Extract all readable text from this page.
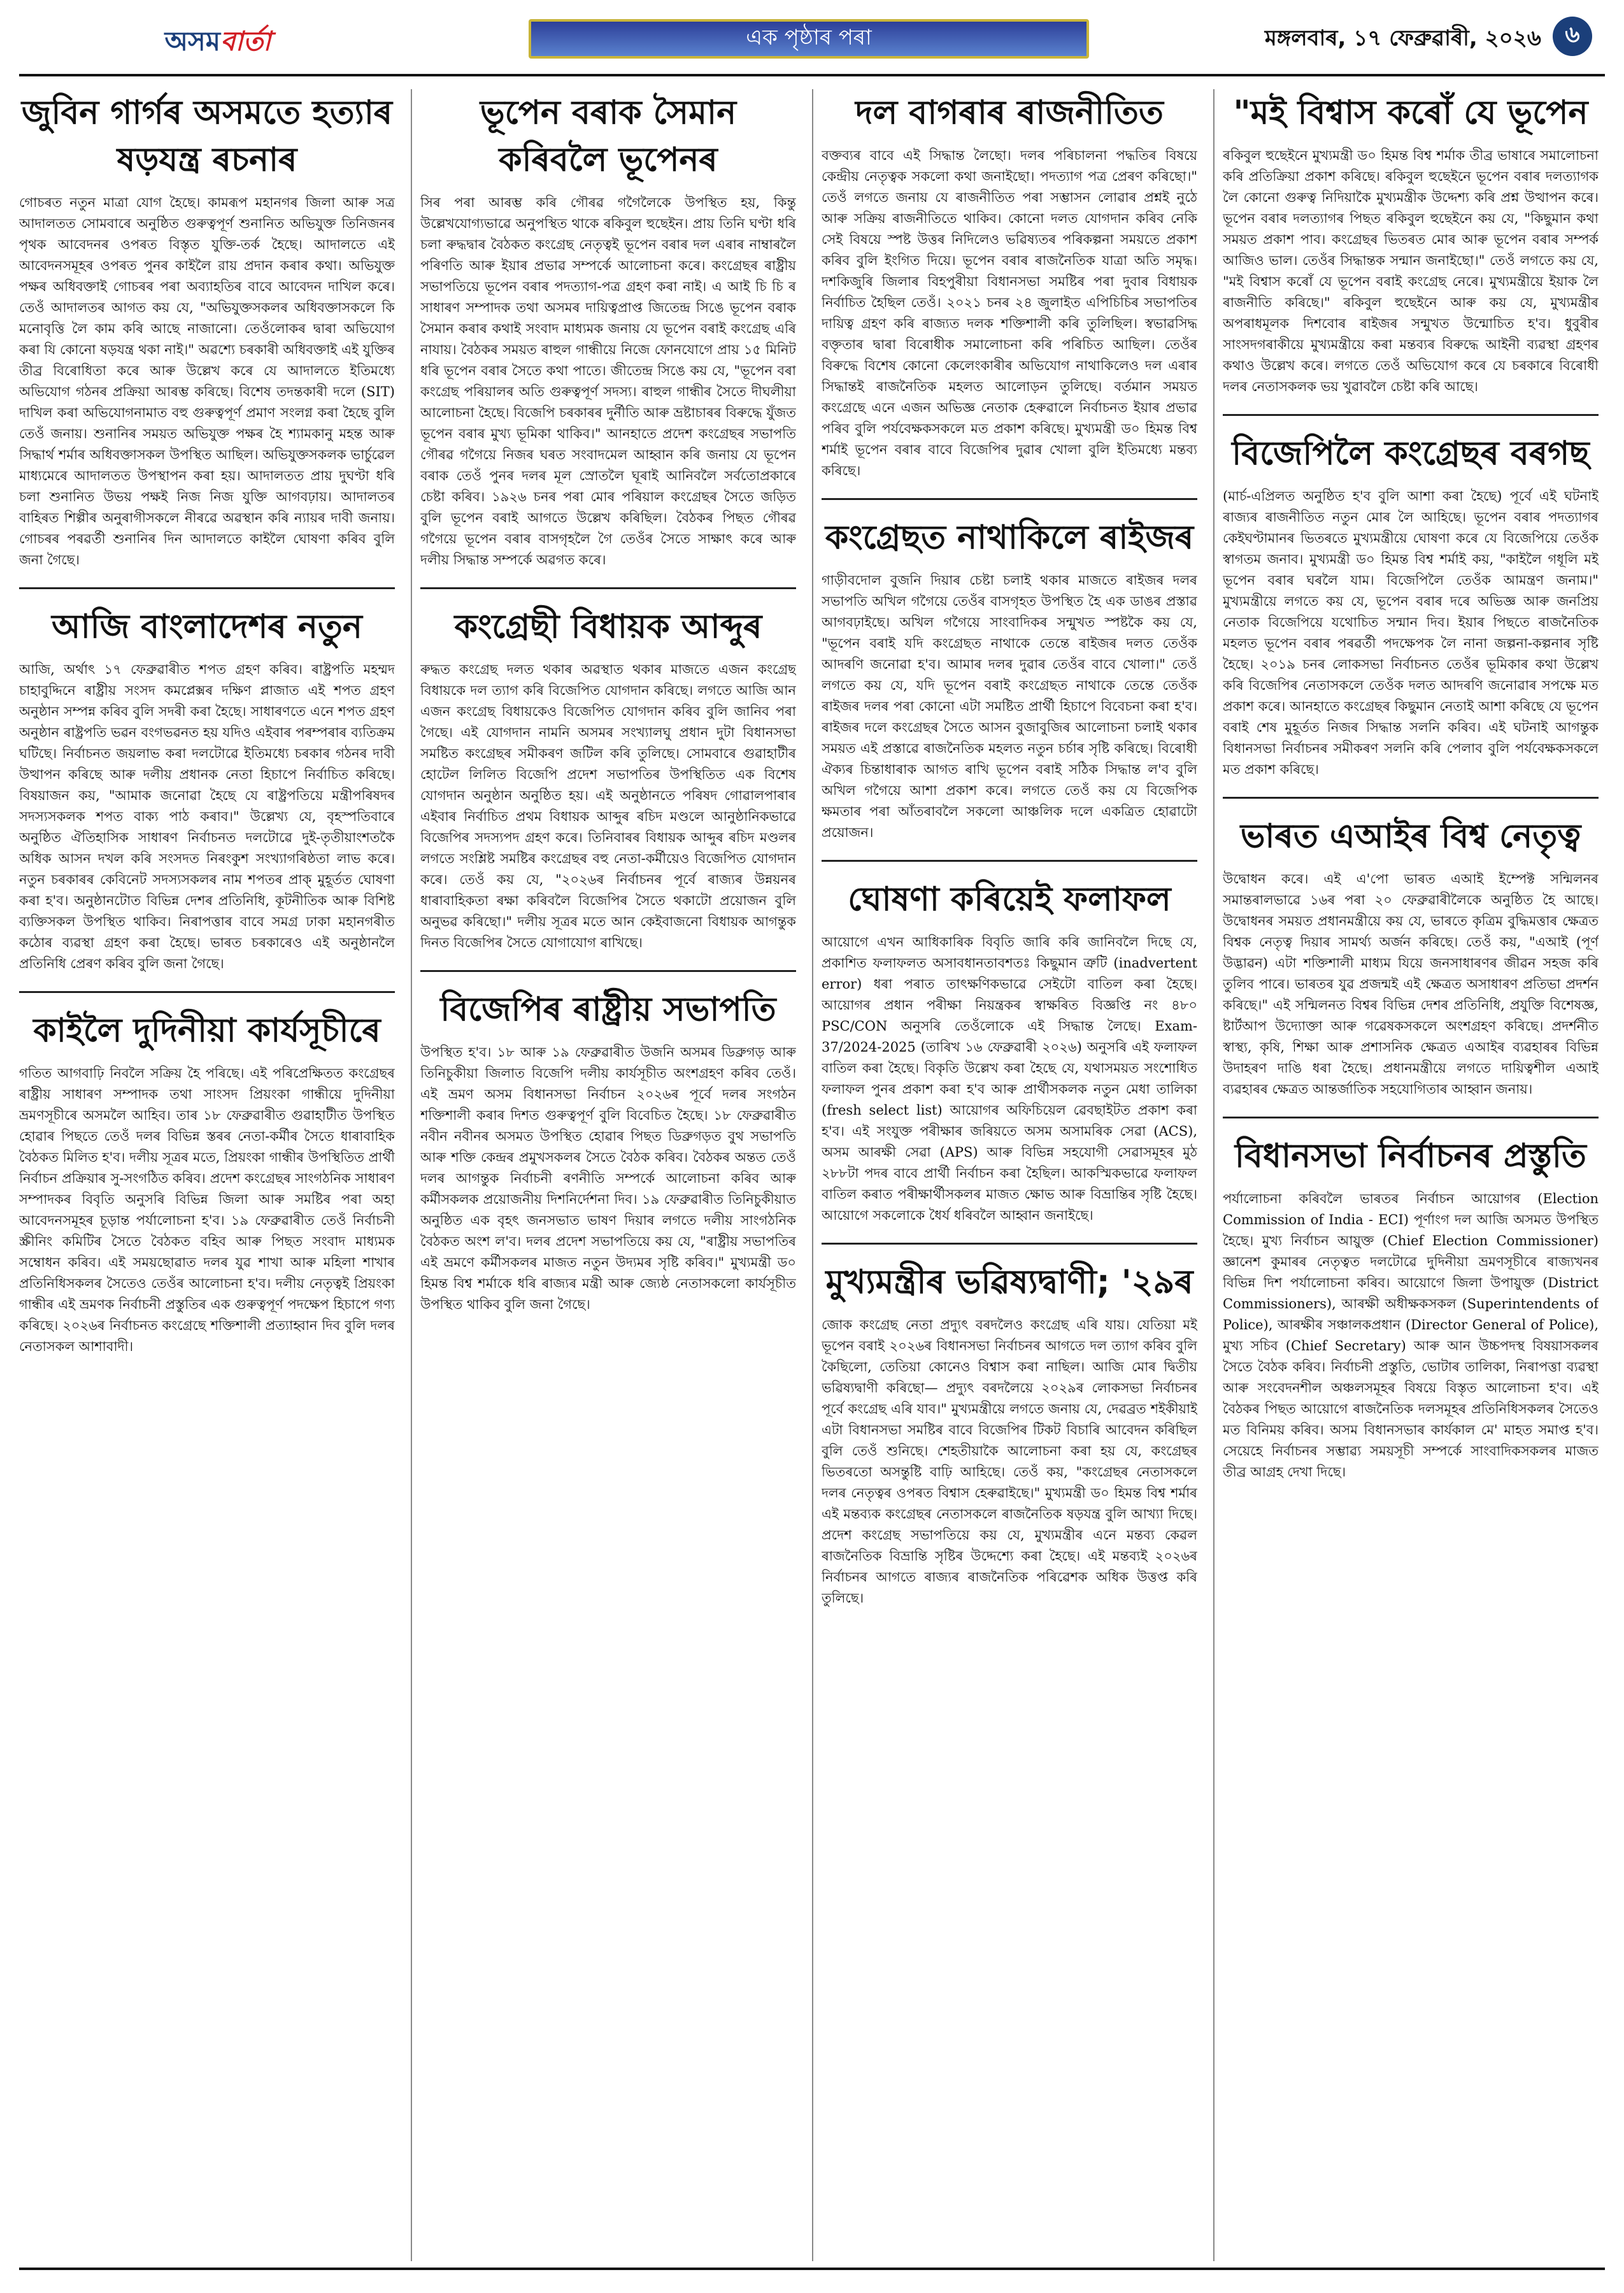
অসম বাৰ্তা	এক পৃষ্ঠাৰ পৰা	মঙ্গলবাৰ, ১৭ ফেব্ৰুৱাৰী, ২০২৬	৬
জুবিন গাৰ্গৰ অসমতে হত্যাৰ ষড়যন্ত্ৰ ৰচনাৰ

গোচৰত নতুন মাত্ৰা যোগ হৈছে। কামৰূপ মহানগৰ জিলা আৰু সত্ৰ আদালতত সোমবাৰে অনুষ্ঠিত গুৰুত্বপূৰ্ণ শুনানিত অভিযুক্ত তিনিজনৰ পৃথক আবেদনৰ ওপৰত বিস্তৃত যুক্তি-তৰ্ক হৈছে। আদালতে এই আবেদনসমূহৰ ওপৰত পুনৰ কাইলৈ রায় প্ৰদান কৰাৰ কথা। অভিযুক্ত পক্ষৰ অধিবক্তাই গোচৰৰ পৰা অব্যাহতিৰ বাবে আবেদন দাখিল কৰে। তেওঁ আদালতৰ আগত কয় যে, "অভিযুক্তসকলৰ অধিবক্তাসকলে কি মনোবৃত্তি লৈ কাম কৰি আছে নাজানো। তেওঁলোকৰ দ্বাৰা অভিযোগ কৰা যি কোনো ষড়যন্ত্ৰ থকা নাই।" অৱশ্যে চৰকাৰী অধিবক্তাই এই যুক্তিৰ তীব্ৰ বিৰোধিতা কৰে আৰু উল্লেখ কৰে যে আদালতে ইতিমধ্যে অভিযোগ গঠনৰ প্ৰক্ৰিয়া আৰম্ভ কৰিছে। বিশেষ তদন্তকাৰী দলে (SIT) দাখিল কৰা অভিযোগনামাত বহু গুৰুত্বপূৰ্ণ প্ৰমাণ সংলগ্ন কৰা হৈছে বুলি তেওঁ জনায়। শুনানিৰ সময়ত অভিযুক্ত পক্ষৰ হৈ শ্যামকানু মহন্ত আৰু সিদ্ধাৰ্থ শৰ্মাৰ অধিবক্তাসকল উপস্থিত আছিল। অভিযুক্তসকলক ভাৰ্চুৱেল মাধ্যমেৰে আদালতত উপস্থাপন কৰা হয়। আদালতত প্ৰায় দুঘণ্টা ধৰি চলা শুনানিত উভয় পক্ষই নিজ নিজ যুক্তি আগবঢ়ায়। আদালতৰ বাহিৰত শিল্পীৰ অনুৰাগীসকলে নীৰৱে অৱস্থান কৰি ন্যায়ৰ দাবী জনায়। গোচৰৰ পৰৱৰ্তী শুনানিৰ দিন আদালতে কাইলৈ ঘোষণা কৰিব বুলি জনা গৈছে।

আজি বাংলাদেশৰ নতুন

আজি, অৰ্থাৎ ১৭ ফেব্ৰুৱাৰীত শপত গ্ৰহণ কৰিব। ৰাষ্ট্ৰপতি মহম্মদ চাহাবুদ্দিনে ৰাষ্ট্ৰীয় সংসদ কমপ্লেক্সৰ দক্ষিণ প্লাজাত এই শপত গ্ৰহণ অনুষ্ঠান সম্পন্ন কৰিব বুলি সদৰী কৰা হৈছে। সাধাৰণতে এনে শপত গ্ৰহণ অনুষ্ঠান ৰাষ্ট্ৰপতি ভৱন বংগভৱনত হয় যদিও এইবাৰ পৰম্পৰাৰ ব্যতিক্ৰম ঘটিছে। নিৰ্বাচনত জয়লাভ কৰা দলটোৱে ইতিমধ্যে চৰকাৰ গঠনৰ দাবী উত্থাপন কৰিছে আৰু দলীয় প্ৰধানক নেতা হিচাপে নিৰ্বাচিত কৰিছে। বিষয়াজন কয়, "আমাক জনোৱা হৈছে যে ৰাষ্ট্ৰপতিয়ে মন্ত্ৰীপৰিষদৰ সদস্যসকলক শপত বাক্য পাঠ কৰাব।" উল্লেখ্য যে, বৃহস্পতিবাৰে অনুষ্ঠিত ঐতিহাসিক সাধাৰণ নিৰ্বাচনত দলটোৱে দুই-তৃতীয়াংশতকৈ অধিক আসন দখল কৰি সংসদত নিৰংকুশ সংখ্যাগৰিষ্ঠতা লাভ কৰে। নতুন চৰকাৰৰ কেবিনেট সদস্যসকলৰ নাম শপতৰ প্ৰাক্ মুহূৰ্তত ঘোষণা কৰা হ'ব। অনুষ্ঠানটোত বিভিন্ন দেশৰ প্ৰতিনিধি, কূটনীতিক আৰু বিশিষ্ট ব্যক্তিসকল উপস্থিত থাকিব। নিৰাপত্তাৰ বাবে সমগ্ৰ ঢাকা মহানগৰীত কঠোৰ ব্যৱস্থা গ্ৰহণ কৰা হৈছে। ভাৰত চৰকাৰেও এই অনুষ্ঠানলৈ প্ৰতিনিধি প্ৰেৰণ কৰিব বুলি জনা গৈছে।

কাইলৈ দুদিনীয়া কাৰ্যসূচীৰে

গতিত আগবাঢ়ি নিবলৈ সক্ৰিয় হৈ পৰিছে। এই পৰিপ্ৰেক্ষিতত কংগ্ৰেছৰ ৰাষ্ট্ৰীয় সাধাৰণ সম্পাদক তথা সাংসদ প্ৰিয়ংকা গান্ধীয়ে দুদিনীয়া ভ্ৰমণসূচীৰে অসমলৈ আহিব। তাৰ ১৮ ফেব্ৰুৱাৰীত গুৱাহাটীত উপস্থিত হোৱাৰ পিছতে তেওঁ দলৰ বিভিন্ন স্তৰৰ নেতা-কৰ্মীৰ সৈতে ধাৰাবাহিক বৈঠকত মিলিত হ'ব। দলীয় সূত্ৰৰ মতে, প্ৰিয়ংকা গান্ধীৰ উপস্থিতিত প্ৰাৰ্থী নিৰ্বাচন প্ৰক্ৰিয়াৰ সু-সংগঠিত কৰিব। প্ৰদেশ কংগ্ৰেছৰ সাংগঠনিক সাধাৰণ সম্পাদকৰ বিবৃতি অনুসৰি বিভিন্ন জিলা আৰু সমষ্টিৰ পৰা অহা আবেদনসমূহৰ চূড়ান্ত পৰ্যালোচনা হ'ব। ১৯ ফেব্ৰুৱাৰীত তেওঁ নিৰ্বাচনী স্ক্ৰীনিং কমিটিৰ সৈতে বৈঠকত বহিব আৰু পিছত সংবাদ মাধ্যমক সম্বোধন কৰিব। এই সময়ছোৱাত দলৰ যুৱ শাখা আৰু মহিলা শাখাৰ প্ৰতিনিধিসকলৰ সৈতেও তেওঁৰ আলোচনা হ'ব। দলীয় নেতৃত্বই প্ৰিয়ংকা গান্ধীৰ এই ভ্ৰমণক নিৰ্বাচনী প্ৰস্তুতিৰ এক গুৰুত্বপূৰ্ণ পদক্ষেপ হিচাপে গণ্য কৰিছে। ২০২৬ৰ নিৰ্বাচনত কংগ্ৰেছে শক্তিশালী প্ৰত্যাহ্বান দিব বুলি দলৰ নেতাসকল আশাবাদী।

ভূপেন বৰাক সৈমান কৰিবলৈ ভূপেনৰ

সিৰ পৰা আৰম্ভ কৰি গৌৰৱ গগৈলৈকে উপস্থিত হয়, কিন্তু উল্লেখযোগ্যভাৱে অনুপস্থিত থাকে ৰকিবুল হুছেইন। প্ৰায় তিনি ঘণ্টা ধৰি চলা ৰুদ্ধদ্বাৰ বৈঠকত কংগ্ৰেছ নেতৃত্বই ভূপেন বৰাৰ দল এৰাৰ নাম্বাৰলৈ পৰিণতি আৰু ইয়াৰ প্ৰভাৱ সম্পৰ্কে আলোচনা কৰে। কংগ্ৰেছৰ ৰাষ্ট্ৰীয় সভাপতিয়ে ভূপেন বৰাৰ পদত্যাগ-পত্ৰ গ্ৰহণ কৰা নাই। এ আই চি চি ৰ সাধাৰণ সম্পাদক তথা অসমৰ দায়িত্বপ্ৰাপ্ত জিতেন্দ্ৰ সিঙে ভূপেন বৰাক সৈমান কৰাৰ কথাই সংবাদ মাধ্যমক জনায় যে ভূপেন বৰাই কংগ্ৰেছ এৰি নাযায়। বৈঠকৰ সময়ত ৰাহুল গান্ধীয়ে নিজে ফোনযোগে প্ৰায় ১৫ মিনিট ধৰি ভূপেন বৰাৰ সৈতে কথা পাতে। জীতেন্দ্ৰ সিঙে কয় যে, "ভূপেন বৰা কংগ্ৰেছ পৰিয়ালৰ অতি গুৰুত্বপূৰ্ণ সদস্য। ৰাহুল গান্ধীৰ সৈতে দীঘলীয়া আলোচনা হৈছে। বিজেপি চৰকাৰৰ দুৰ্নীতি আৰু ভ্ৰষ্টাচাৰৰ বিৰুদ্ধে যুঁজত ভূপেন বৰাৰ মুখ্য ভূমিকা থাকিব।" আনহাতে প্ৰদেশ কংগ্ৰেছৰ সভাপতি গৌৰৱ গগৈয়ে নিজৰ ঘৰত সংবাদমেল আহ্বান কৰি জনায় যে ভূপেন বৰাক তেওঁ পুনৰ দলৰ মূল স্ৰোতলৈ ঘূৰাই আনিবলৈ সৰ্বতোপ্ৰকাৰে চেষ্টা কৰিব। ১৯২৬ চনৰ পৰা মোৰ পৰিয়াল কংগ্ৰেছৰ সৈতে জড়িত বুলি ভূপেন বৰাই আগতে উল্লেখ কৰিছিল। বৈঠকৰ পিছত গৌৰৱ গগৈয়ে ভূপেন বৰাৰ বাসগৃহলৈ গৈ তেওঁৰ সৈতে সাক্ষাৎ কৰে আৰু দলীয় সিদ্ধান্ত সম্পৰ্কে অৱগত কৰে।

কংগ্ৰেছী বিধায়ক আব্দুৰ

ৰুদ্ধত কংগ্ৰেছ দলত থকাৰ অৱস্থাত থকাৰ মাজতে এজন কংগ্ৰেছ বিধায়কে দল ত্যাগ কৰি বিজেপিত যোগদান কৰিছে। লগতে আজি আন এজন কংগ্ৰেছ বিধায়কেও বিজেপিত যোগদান কৰিব বুলি জানিব পৰা গৈছে। এই যোগদান নামনি অসমৰ সংখ্যালঘু প্ৰধান দুটা বিধানসভা সমষ্টিত কংগ্ৰেছৰ সমীকৰণ জটিল কৰি তুলিছে। সোমবাৰে গুৱাহাটীৰ হোটেল লিলিত বিজেপি প্ৰদেশ সভাপতিৰ উপস্থিতিত এক বিশেষ যোগদান অনুষ্ঠান অনুষ্ঠিত হয়। এই অনুষ্ঠানতে পৰিষদ গোৱালপাৰাৰ এইবাৰ নিৰ্বাচিত প্ৰথম বিধায়ক আব্দুৰ ৰচিদ মণ্ডলে আনুষ্ঠানিকভাৱে বিজেপিৰ সদস্যপদ গ্ৰহণ কৰে। তিনিবাৰৰ বিধায়ক আব্দুৰ ৰচিদ মণ্ডলৰ লগতে সংশ্লিষ্ট সমষ্টিৰ কংগ্ৰেছৰ বহু নেতা-কৰ্মীয়েও বিজেপিত যোগদান কৰে। তেওঁ কয় যে, "২০২৬ৰ নিৰ্বাচনৰ পূৰ্বে ৰাজ্যৰ উন্নয়নৰ ধাৰাবাহিকতা ৰক্ষা কৰিবলৈ বিজেপিৰ সৈতে থকাটো প্ৰয়োজন বুলি অনুভৱ কৰিছো।" দলীয় সূত্ৰৰ মতে আন কেইবাজনো বিধায়ক আগন্তুক দিনত বিজেপিৰ সৈতে যোগাযোগ ৰাখিছে।

বিজেপিৰ ৰাষ্ট্ৰীয় সভাপতি

উপস্থিত হ'ব। ১৮ আৰু ১৯ ফেব্ৰুৱাৰীত উজনি অসমৰ ডিব্ৰুগড় আৰু তিনিচুকীয়া জিলাত বিজেপি দলীয় কাৰ্যসূচীত অংশগ্ৰহণ কৰিব তেওঁ। এই ভ্ৰমণ অসম বিধানসভা নিৰ্বাচন ২০২৬ৰ পূৰ্বে দলৰ সংগঠন শক্তিশালী কৰাৰ দিশত গুৰুত্বপূৰ্ণ বুলি বিবেচিত হৈছে। ১৮ ফেব্ৰুৱাৰীত নবীন নবীনৰ অসমত উপস্থিত হোৱাৰ পিছত ডিব্ৰুগড়ত বুথ সভাপতি আৰু শক্তি কেন্দ্ৰৰ প্ৰমুখসকলৰ সৈতে বৈঠক কৰিব। বৈঠকৰ অন্তত তেওঁ দলৰ আগন্তুক নিৰ্বাচনী ৰণনীতি সম্পৰ্কে আলোচনা কৰিব আৰু কৰ্মীসকলক প্ৰয়োজনীয় দিশনিৰ্দেশনা দিব। ১৯ ফেব্ৰুৱাৰীত তিনিচুকীয়াত অনুষ্ঠিত এক বৃহৎ জনসভাত ভাষণ দিয়াৰ লগতে দলীয় সাংগঠনিক বৈঠকত অংশ ল'ব। দলৰ প্ৰদেশ সভাপতিয়ে কয় যে, "ৰাষ্ট্ৰীয় সভাপতিৰ এই ভ্ৰমণে কৰ্মীসকলৰ মাজত নতুন উদ্যমৰ সৃষ্টি কৰিব।" মুখ্যমন্ত্ৰী ড০ হিমন্ত বিশ্ব শৰ্মাকে ধৰি ৰাজ্যৰ মন্ত্ৰী আৰু জ্যেষ্ঠ নেতাসকলো কাৰ্যসূচীত উপস্থিত থাকিব বুলি জনা গৈছে।

দল বাগৰাৰ ৰাজনীতিত

বক্তব্যৰ বাবে এই সিদ্ধান্ত লৈছো। দলৰ পৰিচালনা পদ্ধতিৰ বিষয়ে কেন্দ্ৰীয় নেতৃত্বক সকলো কথা জনাইছো। পদত্যাগ পত্ৰ প্ৰেৰণ কৰিছো।" তেওঁ লগতে জনায় যে ৰাজনীতিত পৰা সম্ভাসন লোৱাৰ প্ৰশ্নই নুঠে আৰু সক্ৰিয় ৰাজনীতিতে থাকিব। কোনো দলত যোগদান কৰিব নেকি সেই বিষয়ে স্পষ্ট উত্তৰ নিদিলেও ভৱিষ্যতৰ পৰিকল্পনা সময়তে প্ৰকাশ কৰিব বুলি ইংগিত দিয়ে। ভূপেন বৰাৰ ৰাজনৈতিক যাত্ৰা অতি সমৃদ্ধ। দশকিজুৰি জিলাৰ বিহপুৰীয়া বিধানসভা সমষ্টিৰ পৰা দুবাৰ বিধায়ক নিৰ্বাচিত হৈছিল তেওঁ। ২০২১ চনৰ ২৪ জুলাইত এপিচিচিৰ সভাপতিৰ দায়িত্ব গ্ৰহণ কৰি ৰাজ্যত দলক শক্তিশালী কৰি তুলিছিল। স্বভাৱসিদ্ধ বক্তৃতাৰ দ্বাৰা বিৰোধীক সমালোচনা কৰি পৰিচিত আছিল। তেওঁৰ বিৰুদ্ধে বিশেষ কোনো কেলেংকাৰীৰ অভিযোগ নাথাকিলেও দল এৰাৰ সিদ্ধান্তই ৰাজনৈতিক মহলত আলোড়ন তুলিছে। বৰ্তমান সময়ত কংগ্ৰেছে এনে এজন অভিজ্ঞ নেতাক হেৰুৱালে নিৰ্বাচনত ইয়াৰ প্ৰভাৱ পৰিব বুলি পৰ্যবেক্ষকসকলে মত প্ৰকাশ কৰিছে। মুখ্যমন্ত্ৰী ড০ হিমন্ত বিশ্ব শৰ্মাই ভূপেন বৰাৰ বাবে বিজেপিৰ দুৱাৰ খোলা বুলি ইতিমধ্যে মন্তব্য কৰিছে।

কংগ্ৰেছত নাথাকিলে ৰাইজৰ

গাড়ীবদোল বুজনি দিয়াৰ চেষ্টা চলাই থকাৰ মাজতে ৰাইজৰ দলৰ সভাপতি অখিল গগৈয়ে তেওঁৰ বাসগৃহত উপস্থিত হৈ এক ডাঙৰ প্ৰস্তাৱ আগবঢ়াইছে। অখিল গগৈয়ে সাংবাদিকৰ সন্মুখত স্পষ্টকৈ কয় যে, "ভূপেন বৰাই যদি কংগ্ৰেছত নাথাকে তেন্তে ৰাইজৰ দলত তেওঁক আদৰণি জনোৱা হ'ব। আমাৰ দলৰ দুৱাৰ তেওঁৰ বাবে খোলা।" তেওঁ লগতে কয় যে, যদি ভূপেন বৰাই কংগ্ৰেছত নাথাকে তেন্তে তেওঁক ৰাইজৰ দলৰ পৰা কোনো এটা সমষ্টিত প্ৰাৰ্থী হিচাপে বিবেচনা কৰা হ'ব। ৰাইজৰ দলে কংগ্ৰেছৰ সৈতে আসন বুজাবুজিৰ আলোচনা চলাই থকাৰ সময়ত এই প্ৰস্তাৱে ৰাজনৈতিক মহলত নতুন চৰ্চাৰ সৃষ্টি কৰিছে। বিৰোধী ঐক্যৰ চিন্তাধাৰাক আগত ৰাখি ভূপেন বৰাই সঠিক সিদ্ধান্ত ল'ব বুলি অখিল গগৈয়ে আশা প্ৰকাশ কৰে। লগতে তেওঁ কয় যে বিজেপিক ক্ষমতাৰ পৰা আঁতৰাবলৈ সকলো আঞ্চলিক দলে একত্ৰিত হোৱাটো প্ৰয়োজন।

ঘোষণা কৰিয়েই ফলাফল

আয়োগে এখন আধিকাৰিক বিবৃতি জাৰি কৰি জানিবলৈ দিছে যে, প্ৰকাশিত ফলাফলত অসাবধানতাবশতঃ কিছুমান ত্ৰুটি (inadvertent error) ধৰা পৰাত তাৎক্ষণিকভাৱে সেইটো বাতিল কৰা হৈছে। আয়োগৰ প্ৰধান পৰীক্ষা নিয়ন্ত্ৰকৰ স্বাক্ষৰিত বিজ্ঞপ্তি নং ৪৮০ PSC/CON অনুসৰি তেওঁলোকে এই সিদ্ধান্ত লৈছে। Exam-37/2024-2025 (তাৰিখ ১৬ ফেব্ৰুৱাৰী ২০২৬) অনুসৰি এই ফলাফল বাতিল কৰা হৈছে। বিকৃতি উল্লেখ কৰা হৈছে যে, যথাসময়ত সংশোধিত ফলাফল পুনৰ প্ৰকাশ কৰা হ'ব আৰু প্ৰাৰ্থীসকলক নতুন মেধা তালিকা (fresh select list) আয়োগৰ অফিচিয়েল ৱেবছাইটত প্ৰকাশ কৰা হ'ব। এই সংযুক্ত পৰীক্ষাৰ জৰিয়তে অসম অসামৰিক সেৱা (ACS), অসম আৰক্ষী সেৱা (APS) আৰু বিভিন্ন সহযোগী সেৱাসমূহৰ মুঠ ২৮৮টা পদৰ বাবে প্ৰাৰ্থী নিৰ্বাচন কৰা হৈছিল। আকস্মিকভাৱে ফলাফল বাতিল কৰাত পৰীক্ষাৰ্থীসকলৰ মাজত ক্ষোভ আৰু বিভ্ৰান্তিৰ সৃষ্টি হৈছে। আয়োগে সকলোকে ধৈৰ্য ধৰিবলৈ আহ্বান জনাইছে।

মুখ্যমন্ত্ৰীৰ ভৱিষ্যদ্বাণী; '২৯ৰ

জোক কংগ্ৰেছ নেতা প্ৰদ্যুৎ বৰদলৈও কংগ্ৰেছ এৰি যায়। যেতিয়া মই ভূপেন বৰাই ২০২৬ৰ বিধানসভা নিৰ্বাচনৰ আগতে দল ত্যাগ কৰিব বুলি কৈছিলো, তেতিয়া কোনেও বিশ্বাস কৰা নাছিল। আজি মোৰ দ্বিতীয় ভৱিষ্যদ্বাণী কৰিছো— প্ৰদ্যুৎ বৰদলৈয়ে ২০২৯ৰ লোকসভা নিৰ্বাচনৰ পূৰ্বে কংগ্ৰেছ এৰি যাব।" মুখ্যমন্ত্ৰীয়ে লগতে জনায় যে, দেৱব্ৰত শইকীয়াই এটা বিধানসভা সমষ্টিৰ বাবে বিজেপিৰ টিকট বিচাৰি আবেদন কৰিছিল বুলি তেওঁ শুনিছে। শেহতীয়াকৈ আলোচনা কৰা হয় যে, কংগ্ৰেছৰ ভিতৰতো অসন্তুষ্টি বাঢ়ি আহিছে। তেওঁ কয়, "কংগ্ৰেছৰ নেতাসকলে দলৰ নেতৃত্বৰ ওপৰত বিশ্বাস হেৰুৱাইছে।" মুখ্যমন্ত্ৰী ড০ হিমন্ত বিশ্ব শৰ্মাৰ এই মন্তব্যক কংগ্ৰেছৰ নেতাসকলে ৰাজনৈতিক ষড়যন্ত্ৰ বুলি আখ্যা দিছে। প্ৰদেশ কংগ্ৰেছ সভাপতিয়ে কয় যে, মুখ্যমন্ত্ৰীৰ এনে মন্তব্য কেৱল ৰাজনৈতিক বিভ্ৰান্তি সৃষ্টিৰ উদ্দেশ্যে কৰা হৈছে। এই মন্তব্যই ২০২৬ৰ নিৰ্বাচনৰ আগতে ৰাজ্যৰ ৰাজনৈতিক পৰিৱেশক অধিক উত্তপ্ত কৰি তুলিছে।

"মই বিশ্বাস কৰোঁ যে ভূপেন

ৰকিবুল হুছেইনে মুখ্যমন্ত্ৰী ড০ হিমন্ত বিশ্ব শৰ্মাক তীব্ৰ ভাষাৰে সমালোচনা কৰি প্ৰতিক্ৰিয়া প্ৰকাশ কৰিছে। ৰকিবুল হুছেইনে ভূপেন বৰাৰ দলত্যাগক লৈ কোনো গুৰুত্ব নিদিয়াকৈ মুখ্যমন্ত্ৰীক উদ্দেশ্য কৰি প্ৰশ্ন উত্থাপন কৰে। ভূপেন বৰাৰ দলত্যাগৰ পিছত ৰকিবুল হুছেইনে কয় যে, "কিছুমান কথা সময়ত প্ৰকাশ পাব। কংগ্ৰেছৰ ভিতৰত মোৰ আৰু ভূপেন বৰাৰ সম্পৰ্ক আজিও ভাল। তেওঁৰ সিদ্ধান্তক সন্মান জনাইছো।" তেওঁ লগতে কয় যে, "মই বিশ্বাস কৰোঁ যে ভূপেন বৰাই কংগ্ৰেছ নেৰে। মুখ্যমন্ত্ৰীয়ে ইয়াক লৈ ৰাজনীতি কৰিছে।" ৰকিবুল হুছেইনে আৰু কয় যে, মুখ্যমন্ত্ৰীৰ অপৰাধমূলক দিশবোৰ ৰাইজৰ সন্মুখত উন্মোচিত হ'ব। ধুবুৰীৰ সাংসদগৰাকীয়ে মুখ্যমন্ত্ৰীয়ে কৰা মন্তব্যৰ বিৰুদ্ধে আইনী ব্যৱস্থা গ্ৰহণৰ কথাও উল্লেখ কৰে। লগতে তেওঁ অভিযোগ কৰে যে চৰকাৰে বিৰোধী দলৰ নেতাসকলক ভয় খুৱাবলৈ চেষ্টা কৰি আছে।

বিজেপিলৈ কংগ্ৰেছৰ বৰগছ

(মাৰ্চ-এপ্ৰিলত অনুষ্ঠিত হ'ব বুলি আশা কৰা হৈছে) পূৰ্বে এই ঘটনাই ৰাজ্যৰ ৰাজনীতিত নতুন মোৰ লৈ আহিছে। ভূপেন বৰাৰ পদত্যাগৰ কেইঘণ্টামানৰ ভিতৰতে মুখ্যমন্ত্ৰীয়ে ঘোষণা কৰে যে বিজেপিয়ে তেওঁক স্বাগতম জনাব। মুখ্যমন্ত্ৰী ড০ হিমন্ত বিশ্ব শৰ্মাই কয়, "কাইলৈ গধূলি মই ভূপেন বৰাৰ ঘৰলৈ যাম। বিজেপিলৈ তেওঁক আমন্ত্ৰণ জনাম।" মুখ্যমন্ত্ৰীয়ে লগতে কয় যে, ভূপেন বৰাৰ দৰে অভিজ্ঞ আৰু জনপ্ৰিয় নেতাক বিজেপিয়ে যথোচিত সন্মান দিব। ইয়াৰ পিছতে ৰাজনৈতিক মহলত ভূপেন বৰাৰ পৰৱৰ্তী পদক্ষেপক লৈ নানা জল্পনা-কল্পনাৰ সৃষ্টি হৈছে। ২০১৯ চনৰ লোকসভা নিৰ্বাচনত তেওঁৰ ভূমিকাৰ কথা উল্লেখ কৰি বিজেপিৰ নেতাসকলে তেওঁক দলত আদৰণি জনোৱাৰ সপক্ষে মত প্ৰকাশ কৰে। আনহাতে কংগ্ৰেছৰ কিছুমান নেতাই আশা কৰিছে যে ভূপেন বৰাই শেষ মুহূৰ্তত নিজৰ সিদ্ধান্ত সলনি কৰিব। এই ঘটনাই আগন্তুক বিধানসভা নিৰ্বাচনৰ সমীকৰণ সলনি কৰি পেলাব বুলি পৰ্যবেক্ষকসকলে মত প্ৰকাশ কৰিছে।

ভাৰত এআইৰ বিশ্ব নেতৃত্ব

উদ্বোধন কৰে। এই এ'পো ভাৰত এআই ইম্পেক্ট সন্মিলনৰ সমান্তৰালভাৱে ১৬ৰ পৰা ২০ ফেব্ৰুৱাৰীলৈকে অনুষ্ঠিত হৈ আছে। উদ্বোধনৰ সময়ত প্ৰধানমন্ত্ৰীয়ে কয় যে, ভাৰতে কৃত্ৰিম বুদ্ধিমত্তাৰ ক্ষেত্ৰত বিশ্বক নেতৃত্ব দিয়াৰ সামৰ্থ্য অৰ্জন কৰিছে। তেওঁ কয়, "এআই (পূৰ্ণ উদ্ভাৱন) এটা শক্তিশালী মাধ্যম যিয়ে জনসাধাৰণৰ জীৱন সহজ কৰি তুলিব পাৰে। ভাৰতৰ যুৱ প্ৰজন্মই এই ক্ষেত্ৰত অসাধাৰণ প্ৰতিভা প্ৰদৰ্শন কৰিছে।" এই সন্মিলনত বিশ্বৰ বিভিন্ন দেশৰ প্ৰতিনিধি, প্ৰযুক্তি বিশেষজ্ঞ, ষ্টাৰ্টআপ উদ্যোক্তা আৰু গৱেষকসকলে অংশগ্ৰহণ কৰিছে। প্ৰদৰ্শনীত স্বাস্থ্য, কৃষি, শিক্ষা আৰু প্ৰশাসনিক ক্ষেত্ৰত এআইৰ ব্যৱহাৰৰ বিভিন্ন উদাহৰণ দাঙি ধৰা হৈছে। প্ৰধানমন্ত্ৰীয়ে লগতে দায়িত্বশীল এআই ব্যৱহাৰৰ ক্ষেত্ৰত আন্তৰ্জাতিক সহযোগিতাৰ আহ্বান জনায়।

বিধানসভা নিৰ্বাচনৰ প্ৰস্তুতি

পৰ্যালোচনা কৰিবলৈ ভাৰতৰ নিৰ্বাচন আয়োগৰ (Election Commission of India - ECI) পূৰ্ণাংগ দল আজি অসমত উপস্থিত হৈছে। মুখ্য নিৰ্বাচন আয়ুক্ত (Chief Election Commissioner) জ্ঞানেশ কুমাৰৰ নেতৃত্বত দলটোৱে দুদিনীয়া ভ্ৰমণসূচীৰে ৰাজ্যখনৰ বিভিন্ন দিশ পৰ্যালোচনা কৰিব। আয়োগে জিলা উপায়ুক্ত (District Commissioners), আৰক্ষী অধীক্ষকসকল (Superintendents of Police), আৰক্ষীৰ সঞ্চালকপ্ৰধান (Director General of Police), মুখ্য সচিব (Chief Secretary) আৰু আন উচ্চপদস্থ বিষয়াসকলৰ সৈতে বৈঠক কৰিব। নিৰ্বাচনী প্ৰস্তুতি, ভোটাৰ তালিকা, নিৰাপত্তা ব্যৱস্থা আৰু সংবেদনশীল অঞ্চলসমূহৰ বিষয়ে বিস্তৃত আলোচনা হ'ব। এই বৈঠকৰ পিছত আয়োগে ৰাজনৈতিক দলসমূহৰ প্ৰতিনিধিসকলৰ সৈতেও মত বিনিময় কৰিব। অসম বিধানসভাৰ কাৰ্যকাল মে' মাহত সমাপ্ত হ'ব। সেয়েহে নিৰ্বাচনৰ সম্ভাৱ্য সময়সূচী সম্পৰ্কে সাংবাদিকসকলৰ মাজত তীব্ৰ আগ্ৰহ দেখা দিছে।
